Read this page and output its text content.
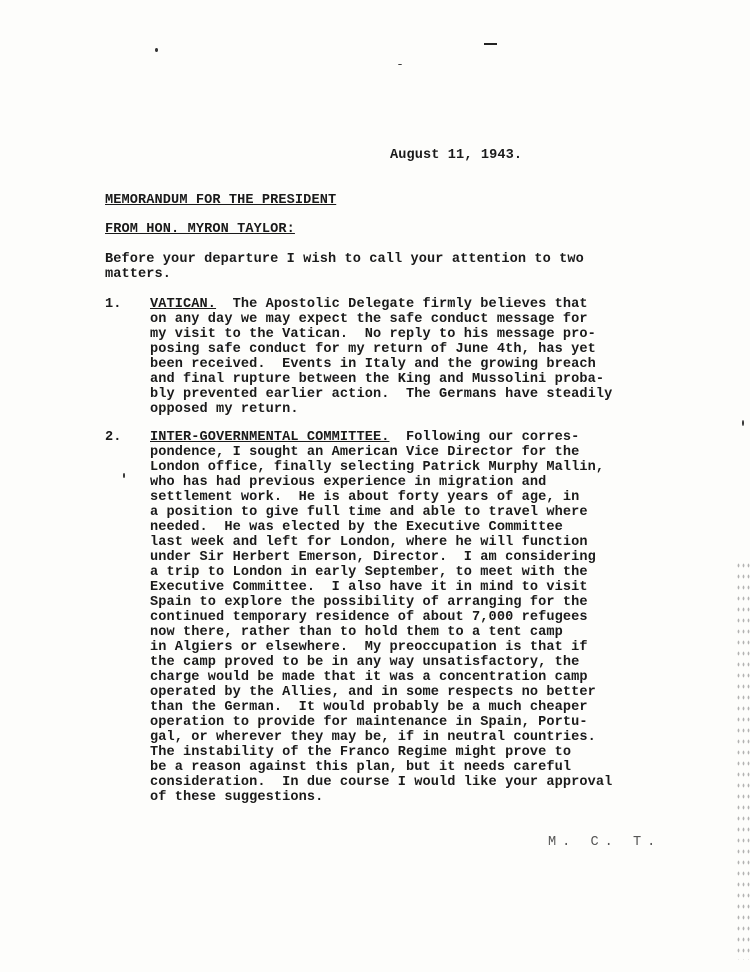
August 11, 1943.
MEMORANDUM FOR THE PRESIDENT
FROM HON. MYRON TAYLOR:
Before your departure I wish to call your attention to two
matters.
1. VATICAN.  The Apostolic Delegate firmly believes that
on any day we may expect the safe conduct message for
my visit to the Vatican.  No reply to his message pro-
posing safe conduct for my return of June 4th, has yet
been received.  Events in Italy and the growing breach
and final rupture between the King and Mussolini proba-
bly prevented earlier action.  The Germans have steadily
opposed my return.
2. INTER-GOVERNMENTAL COMMITTEE.  Following our corres-
pondence, I sought an American Vice Director for the
London office, finally selecting Patrick Murphy Mallin,
who has had previous experience in migration and
settlement work.  He is about forty years of age, in
a position to give full time and able to travel where
needed.  He was elected by the Executive Committee
last week and left for London, where he will function
under Sir Herbert Emerson, Director.  I am considering
a trip to London in early September, to meet with the
Executive Committee.  I also have it in mind to visit
Spain to explore the possibility of arranging for the
continued temporary residence of about 7,000 refugees
now there, rather than to hold them to a tent camp
in Algiers or elsewhere.  My preoccupation is that if
the camp proved to be in any way unsatisfactory, the
charge would be made that it was a concentration camp
operated by the Allies, and in some respects no better
than the German.  It would probably be a much cheaper
operation to provide for maintenance in Spain, Portu-
gal, or wherever they may be, if in neutral countries.
The instability of the Franco Regime might prove to
be a reason against this plan, but it needs careful
consideration.  In due course I would like your approval
of these suggestions.
M. C. T.
